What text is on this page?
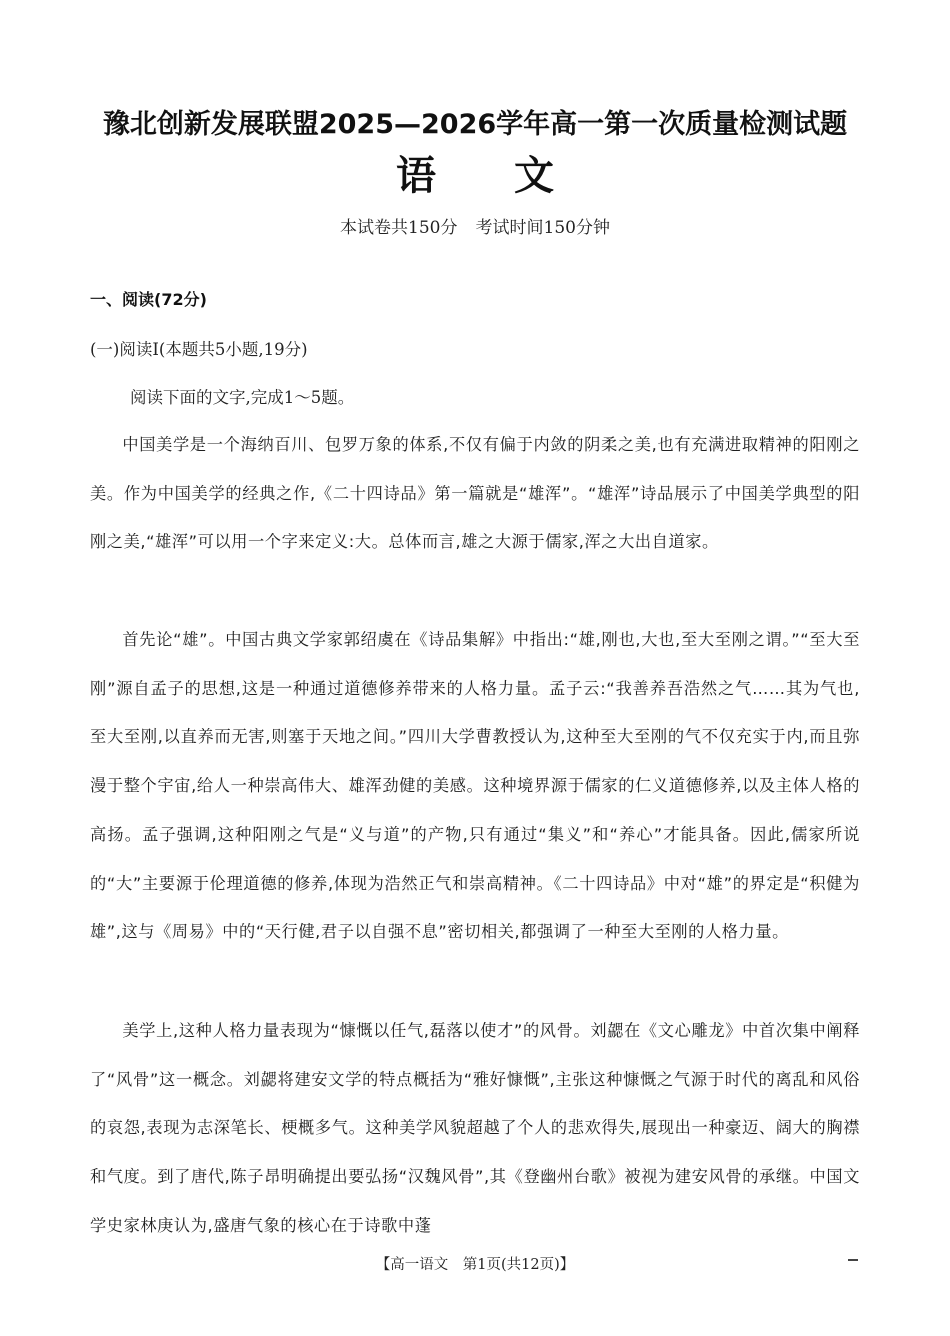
豫北创新发展联盟2025—2026学年高一第一次质量检测试题
语 文
本试卷共150分 考试时间150分钟
一、阅读(72分)
(一)阅读Ⅰ(本题共5小题,19分)
阅读下面的文字,完成1～5题。

中国美学是一个海纳百川、包罗万象的体系,不仅有偏于内敛的阴柔之美,也有充满进取精神的阳刚之美。作为中国美学的经典之作,《二十四诗品》第一篇就是“雄浑”。“雄浑”诗品展示了中国美学典型的阳刚之美,“雄浑”可以用一个字来定义:大。总体而言,雄之大源于儒家,浑之大出自道家。

首先论“雄”。中国古典文学家郭绍虞在《诗品集解》中指出:“雄,刚也,大也,至大至刚之谓。”“至大至刚”源自孟子的思想,这是一种通过道德修养带来的人格力量。孟子云:“我善养吾浩然之气……其为气也,至大至刚,以直养而无害,则塞于天地之间。”四川大学曹教授认为,这种至大至刚的气不仅充实于内,而且弥漫于整个宇宙,给人一种崇高伟大、雄浑劲健的美感。这种境界源于儒家的仁义道德修养,以及主体人格的高扬。孟子强调,这种阳刚之气是“义与道”的产物,只有通过“集义”和“养心”才能具备。因此,儒家所说的“大”主要源于伦理道德的修养,体现为浩然正气和崇高精神。《二十四诗品》中对“雄”的界定是“积健为雄”,这与《周易》中的“天行健,君子以自强不息”密切相关,都强调了一种至大至刚的人格力量。

美学上,这种人格力量表现为“慷慨以任气,磊落以使才”的风骨。刘勰在《文心雕龙》中首次集中阐释了“风骨”这一概念。刘勰将建安文学的特点概括为“雅好慷慨”,主张这种慷慨之气源于时代的离乱和风俗的哀怨,表现为志深笔长、梗概多气。这种美学风貌超越了个人的悲欢得失,展现出一种豪迈、阔大的胸襟和气度。到了唐代,陈子昂明确提出要弘扬“汉魏风骨”,其《登幽州台歌》被视为建安风骨的承继。中国文学史家林庚认为,盛唐气象的核心在于诗歌中蓬

【高一语文　第1页(共12页)】
